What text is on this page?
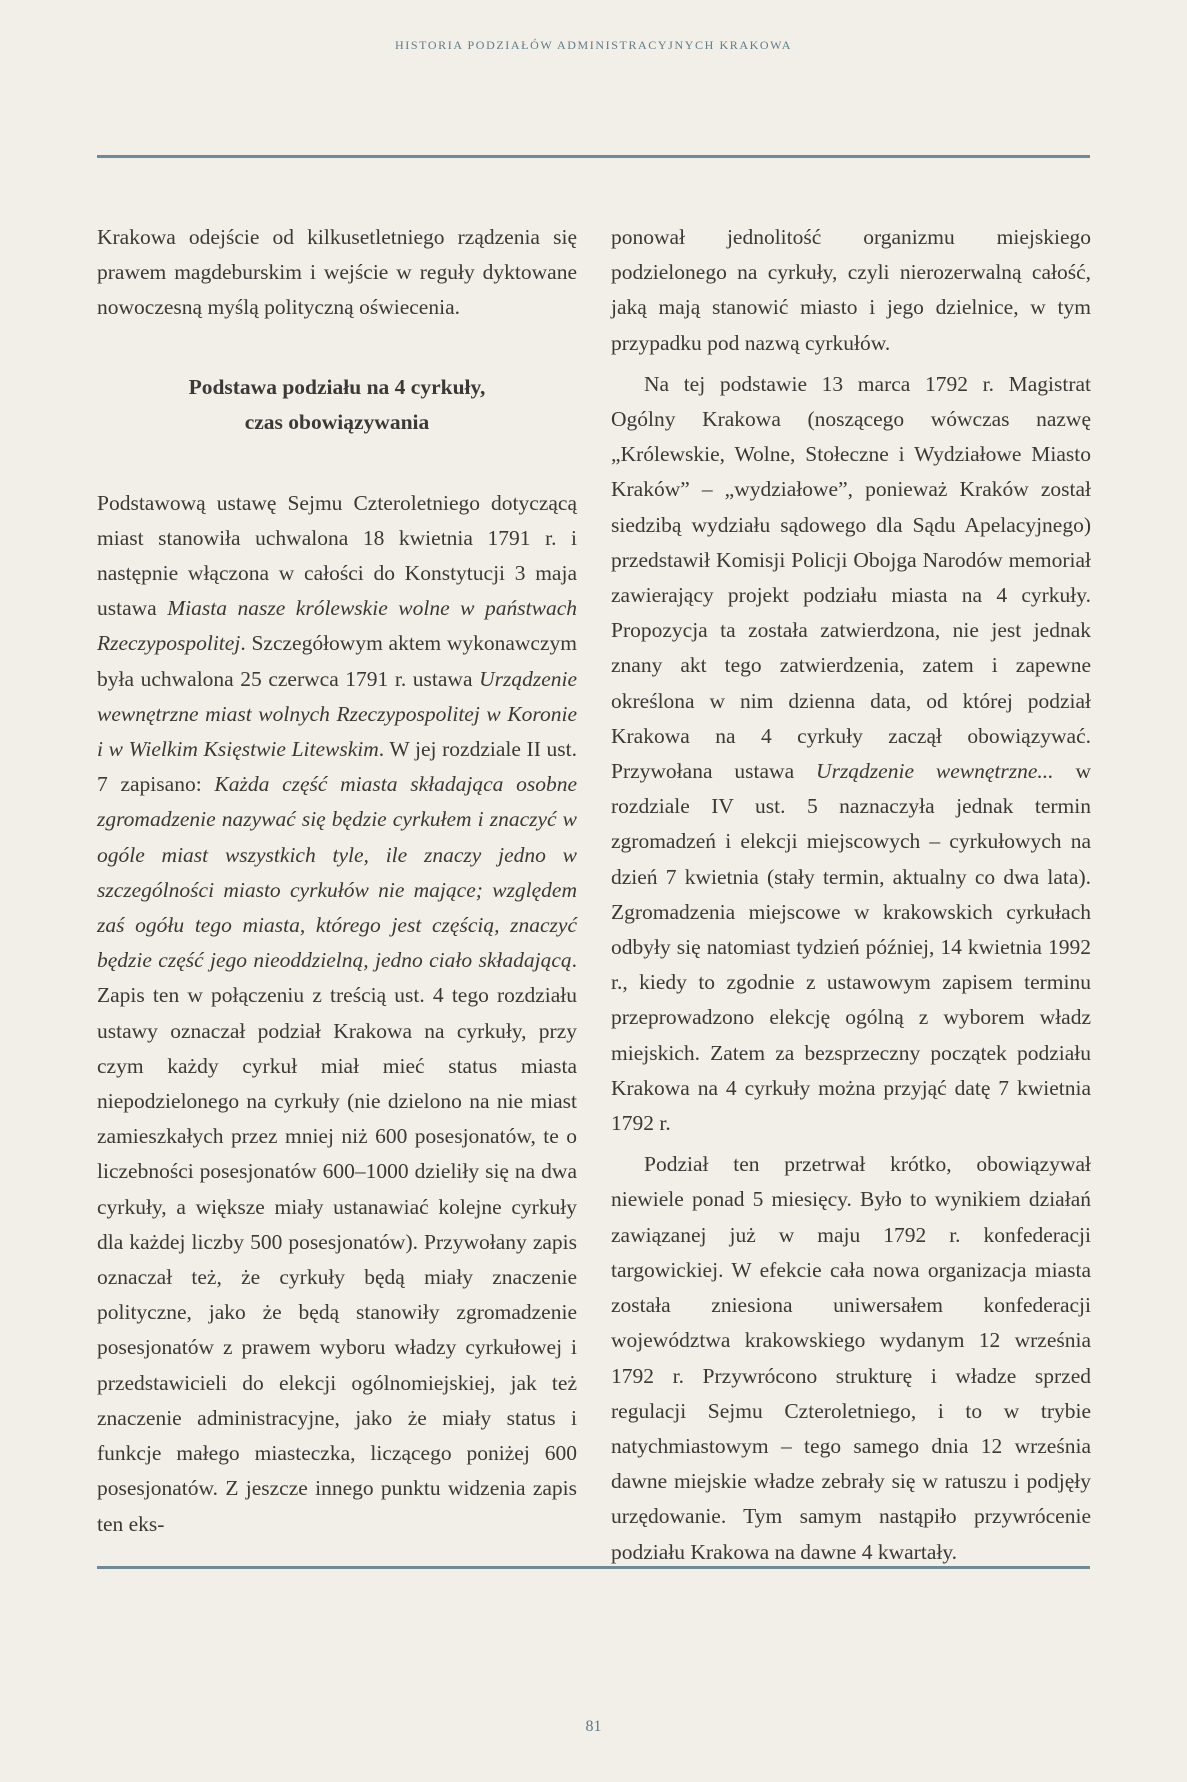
HISTORIA PODZIAŁÓW ADMINISTRACYJNYCH KRAKOWA

Krakowa odejście od kilkusetletniego rządzenia się prawem magdeburskim i wejście w reguły dyktowane nowoczesną myślą polityczną oświecenia.

Podstawa podziału na 4 cyrkuły,
czas obowiązywania

Podstawową ustawę Sejmu Czteroletniego dotyczącą miast stanowiła uchwalona 18 kwietnia 1791 r. i następnie włączona w całości do Konstytucji 3 maja ustawa Miasta nasze królewskie wolne w państwach Rzeczypospolitej. Szczegółowym aktem wykonawczym była uchwalona 25 czerwca 1791 r. ustawa Urządzenie wewnętrzne miast wolnych Rzeczypospolitej w Koronie i w Wielkim Księstwie Litewskim. W jej rozdziale II ust. 7 zapisano: Każda część miasta składająca osobne zgromadzenie nazywać się będzie cyrkułem i znaczyć w ogóle miast wszystkich tyle, ile znaczy jedno w szczególności miasto cyrkułów nie mające; względem zaś ogółu tego miasta, którego jest częścią, znaczyć będzie część jego nieoddzielną, jedno ciało składającą. Zapis ten w połączeniu z treścią ust. 4 tego rozdziału ustawy oznaczał podział Krakowa na cyrkuły, przy czym każdy cyrkuł miał mieć status miasta niepodzielonego na cyrkuły (nie dzielono na nie miast zamieszkałych przez mniej niż 600 posesjonatów, te o liczebności posesjonatów 600–1000 dzieliły się na dwa cyrkuły, a większe miały ustanawiać kolejne cyrkuły dla każdej liczby 500 posesjonatów). Przywołany zapis oznaczał też, że cyrkuły będą miały znaczenie polityczne, jako że będą stanowiły zgromadzenie posesjonatów z prawem wyboru władzy cyrkułowej i przedstawicieli do elekcji ogólnomiejskiej, jak też znaczenie administracyjne, jako że miały status i funkcje małego miasteczka, liczącego poniżej 600 posesjonatów. Z jeszcze innego punktu widzenia zapis ten eks-

ponował jednolitość organizmu miejskiego podzielonego na cyrkuły, czyli nierozerwalną całość, jaką mają stanowić miasto i jego dzielnice, w tym przypadku pod nazwą cyrkułów.

Na tej podstawie 13 marca 1792 r. Magistrat Ogólny Krakowa (noszącego wówczas nazwę „Królewskie, Wolne, Stołeczne i Wydziałowe Miasto Kraków” – „wydziałowe”, ponieważ Kraków został siedzibą wydziału sądowego dla Sądu Apelacyjnego) przedstawił Komisji Policji Obojga Narodów memoriał zawierający projekt podziału miasta na 4 cyrkuły. Propozycja ta została zatwierdzona, nie jest jednak znany akt tego zatwierdzenia, zatem i zapewne określona w nim dzienna data, od której podział Krakowa na 4 cyrkuły zaczął obowiązywać. Przywołana ustawa Urządzenie wewnętrzne... w rozdziale IV ust. 5 naznaczyła jednak termin zgromadzeń i elekcji miejscowych – cyrkułowych na dzień 7 kwietnia (stały termin, aktualny co dwa lata). Zgromadzenia miejscowe w krakowskich cyrkułach odbyły się natomiast tydzień później, 14 kwietnia 1992 r., kiedy to zgodnie z ustawowym zapisem terminu przeprowadzono elekcję ogólną z wyborem władz miejskich. Zatem za bezsprzeczny początek podziału Krakowa na 4 cyrkuły można przyjąć datę 7 kwietnia 1792 r.

Podział ten przetrwał krótko, obowiązywał niewiele ponad 5 miesięcy. Było to wynikiem działań zawiązanej już w maju 1792 r. konfederacji targowickiej. W efekcie cała nowa organizacja miasta została zniesiona uniwersałem konfederacji województwa krakowskiego wydanym 12 września 1792 r. Przywrócono strukturę i władze sprzed regulacji Sejmu Czteroletniego, i to w trybie natychmiastowym – tego samego dnia 12 września dawne miejskie władze zebrały się w ratuszu i podjęły urzędowanie. Tym samym nastąpiło przywrócenie podziału Krakowa na dawne 4 kwartały.

81
